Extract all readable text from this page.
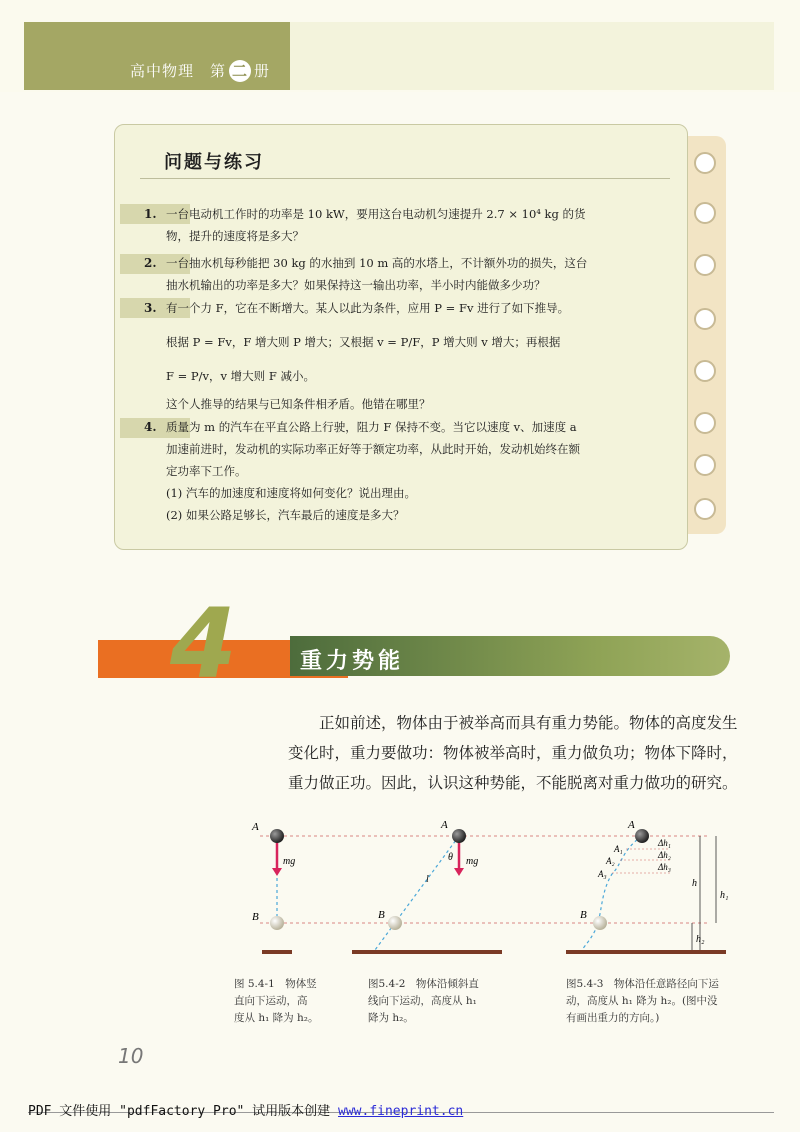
高中物理　第 二 册
问题与练习
1. 一台电动机工作时的功率是 10 kW，要用这台电动机匀速提升 2.7 × 10⁴ kg 的货
物，提升的速度将是多大？
2. 一台抽水机每秒能把 30 kg 的水抽到 10 m 高的水塔上，不计额外功的损失，这台
抽水机输出的功率是多大？如果保持这一输出功率，半小时内能做多少功？
3. 有一个力 F，它在不断增大。某人以此为条件，应用 P = Fv 进行了如下推导。
根据 P = Fv，F 增大则 P 增大；又根据 v = P/F，P 增大则 v 增大；再根据
F = P/v，v 增大则 F 减小。
这个人推导的结果与已知条件相矛盾。他错在哪里？
4. 质量为 m 的汽车在平直公路上行驶，阻力 F 保持不变。当它以速度 v、加速度 a
加速前进时，发动机的实际功率正好等于额定功率，从此时开始，发动机始终在额
定功率下工作。
(1) 汽车的加速度和速度将如何变化？说出理由。
(2) 如果公路足够长，汽车最后的速度是多大？
4	重力势能
正如前述，物体由于被举高而具有重力势能。物体的高度发生变化时，重力要做功：物体被举高时，重力做负功；物体下降时，重力做正功。因此，认识这种势能，不能脱离对重力做功的研究。
A
B
mg
A
B
mg
θ
l
A
B
A₁
A₂
A₃
Δh₁
Δh₂
Δh₃
h
h₁
h₂
图 5.4-1　物体竖
直向下运动，高
度从 h₁ 降为 h₂。
图5.4-2　物体沿倾斜直
线向下运动，高度从 h₁
降为 h₂。
图5.4-3　物体沿任意路径向下运
动，高度从 h₁ 降为 h₂。(图中没
有画出重力的方向。)
10
PDF 文件使用 "pdfFactory Pro" 试用版本创建 www.fineprint.cn
